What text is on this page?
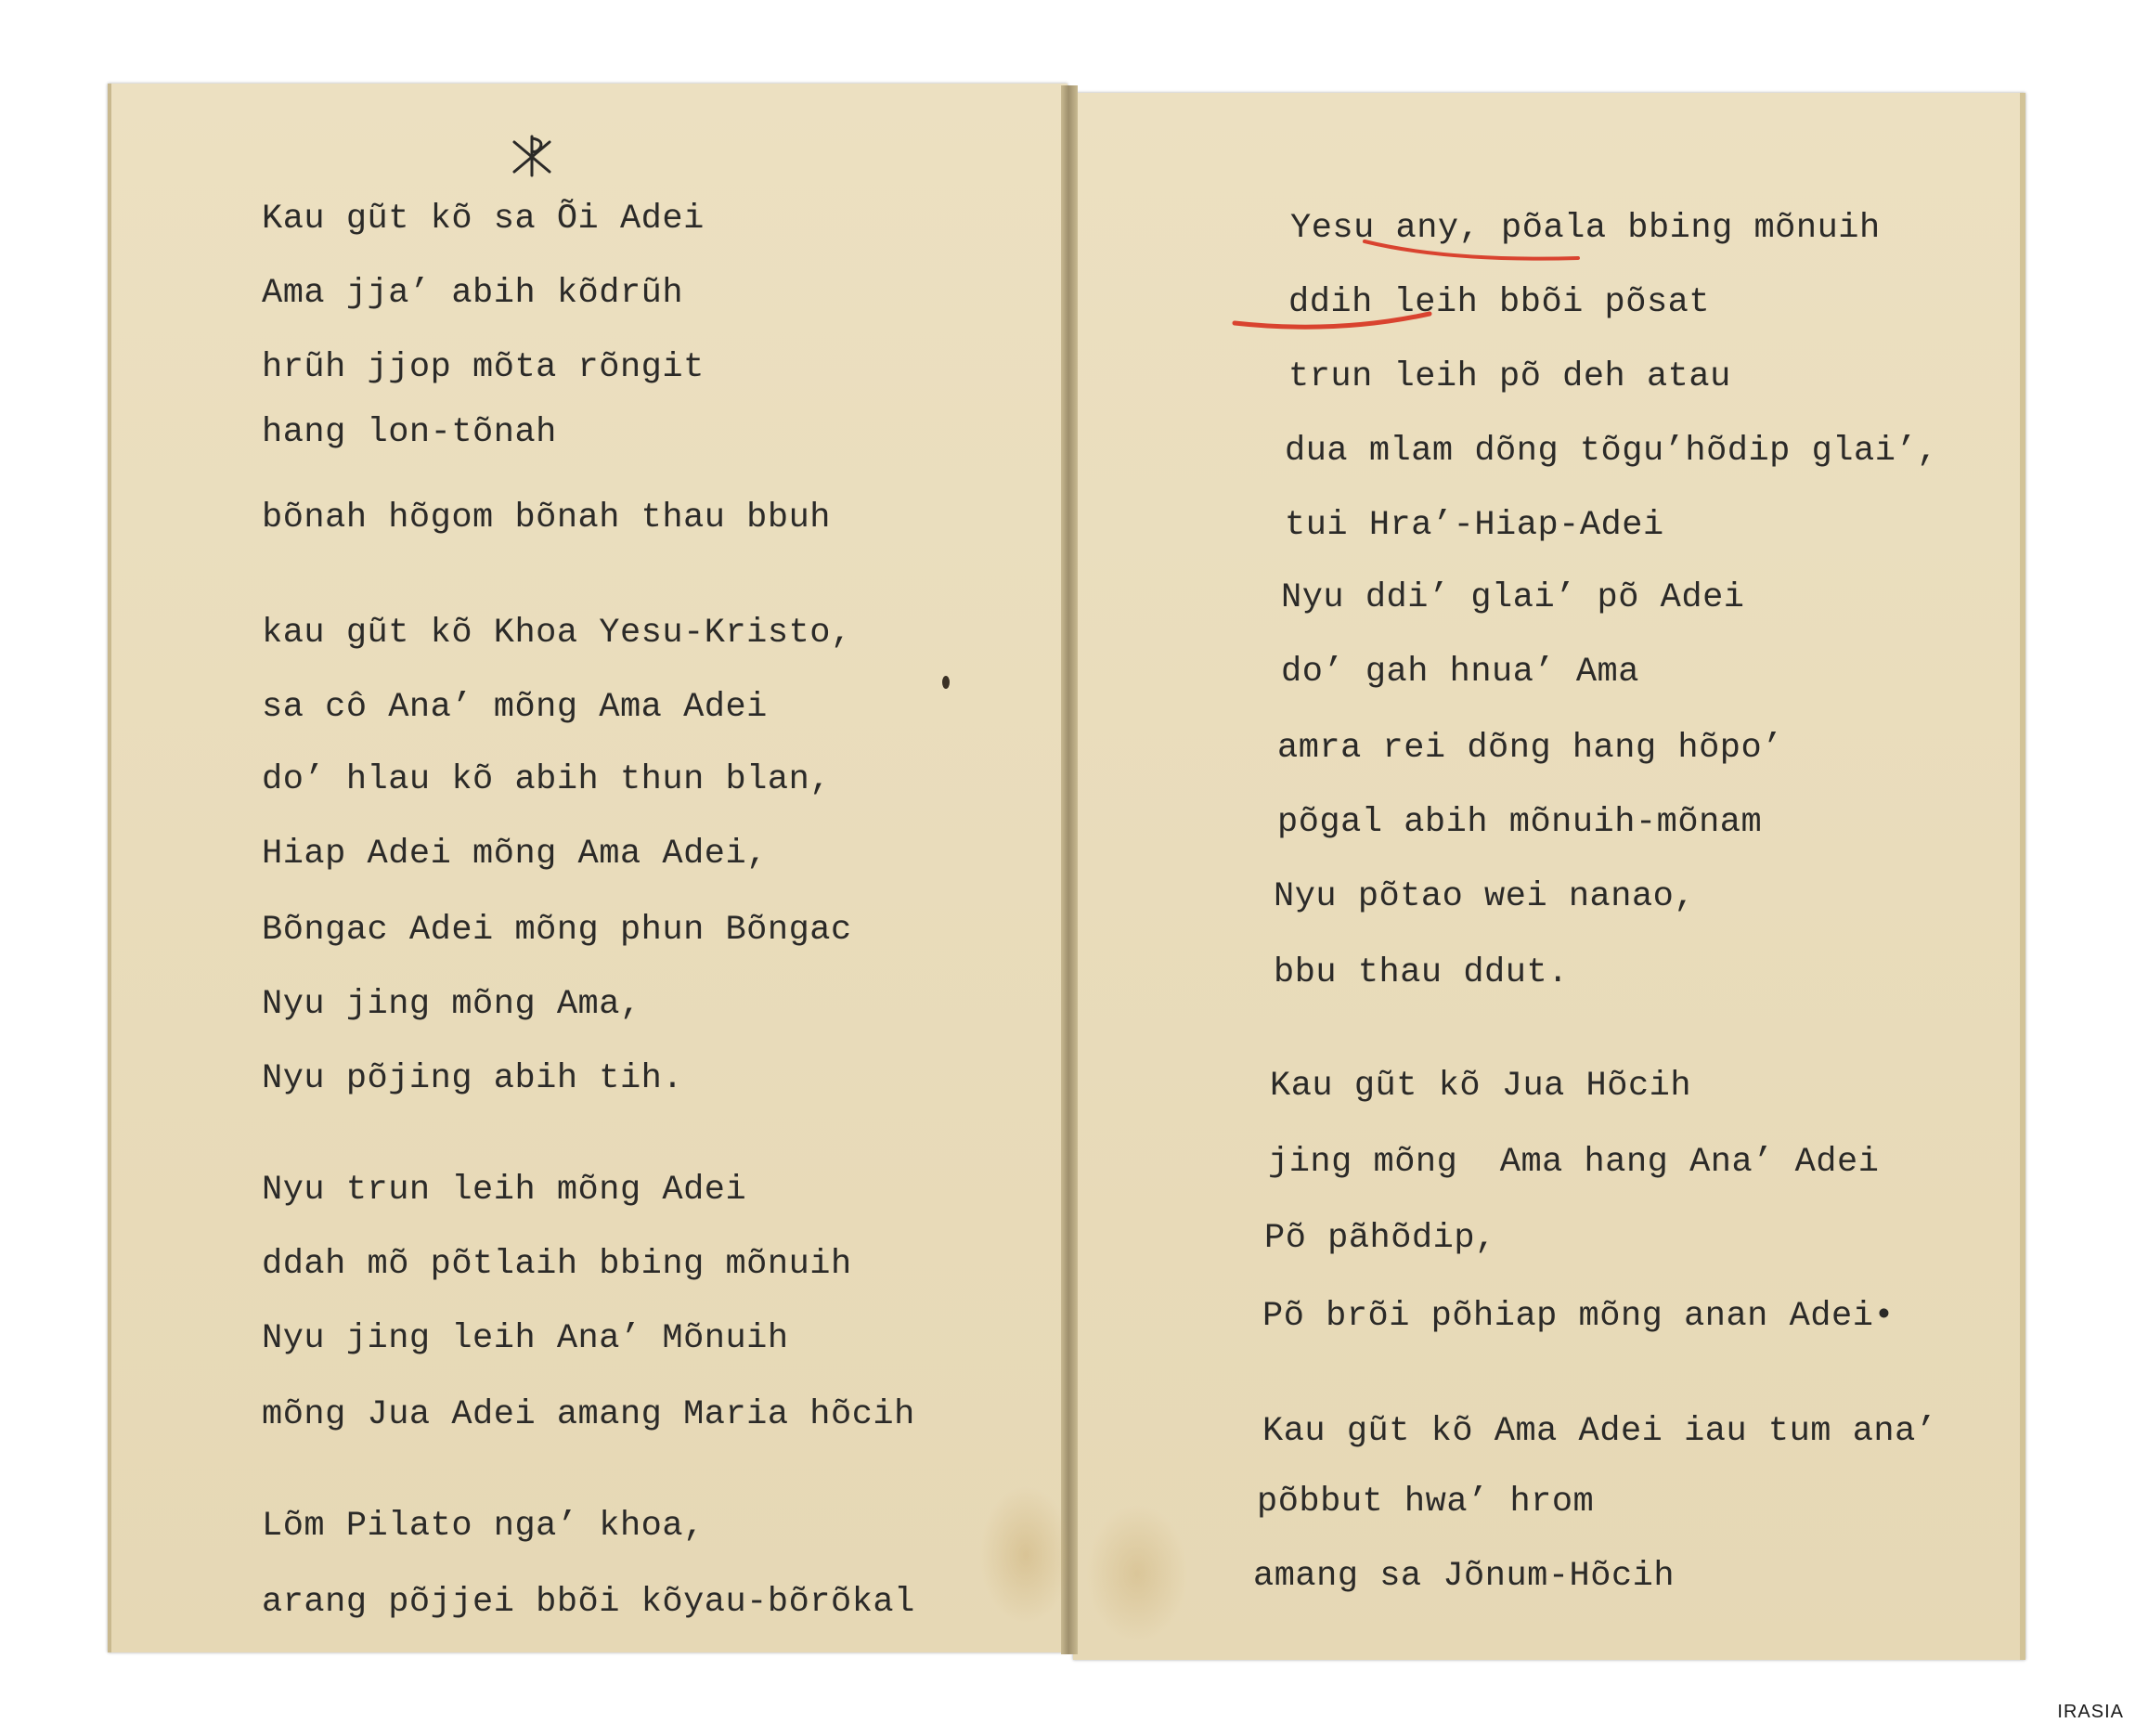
Kau gũt kõ sa Õi Adei
Ama jja’ abih kõdrũh
hrũh jjop mõta rõngit
hang lon-tõnah
bõnah hõgom bõnah thau bbuh
kau gũt kõ Khoa Yesu-Kristo,
sa cô Ana’ mõng Ama Adei
do’ hlau kõ abih thun blan,
Hiap Adei mõng Ama Adei,
Bõngac Adei mõng phun Bõngac
Nyu jing mõng Ama,
Nyu põjing abih tih.
Nyu trun leih mõng Adei
ddah mõ põtlaih bbing mõnuih
Nyu jing leih Ana’ Mõnuih
mõng Jua Adei amang Maria hõcih
Lõm Pilato nga’ khoa,
arang põjjei bbõi kõyau-bõrõkal
Yesu any, põala bbing mõnuih
ddih leih bbõi põsat
trun leih põ deh atau
dua mlam dõng tõgu’hõdip glai’,
tui Hra’-Hiap-Adei
Nyu ddi’ glai’ põ Adei
do’ gah hnua’ Ama
amra rei dõng hang hõpo’
põgal abih mõnuih-mõnam
Nyu põtao wei nanao,
bbu thau ddut.
Kau gũt kõ Jua Hõcih
jing mõng  Ama hang Ana’ Adei
Põ pãhõdip,
Põ brõi põhiap mõng anan Adei•
Kau gũt kõ Ama Adei iau tum ana’
põbbut hwa’ hrom
amang sa Jõnum-Hõcih
IRASIA
